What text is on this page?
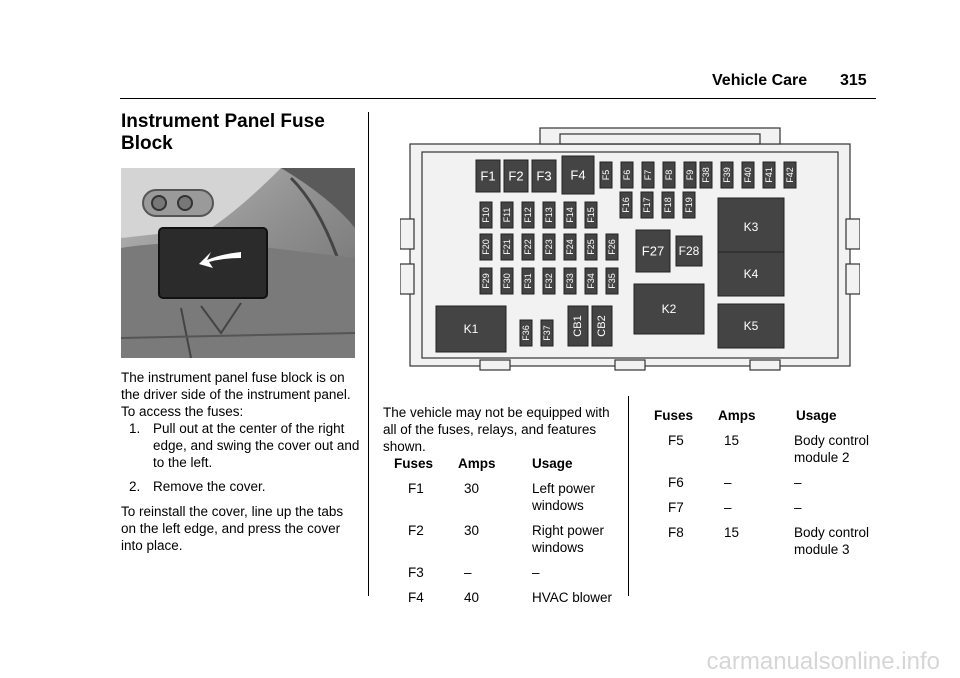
Vehicle Care 315
Instrument Panel Fuse Block

The instrument panel fuse block is on the driver side of the instrument panel. To access the fuses:

1. Pull out at the center of the right edge, and swing the cover out and to the left.
2. Remove the cover.

To reinstall the cover, line up the tabs on the left edge, and press the cover into place.

F1 F2 F3 F4 F5 F6 F7 F8 F9 F38 F39 F40 F41 F42
F10 F11 F12 F13 F14 F15
F16 F17 F18 F19
F20 F21 F22 F23 F24 F25 F26
F29 F30 F31 F32 F33 F34 F35
F36 F37
F27 F28
CB1 CB2
K1
K2
K3
K4
K5

The vehicle may not be equipped with all of the fuses, relays, and features shown.

Fuses	Amps	Usage
F1	30	Left power windows
F2	30	Right power windows
F3	–	–
F4	40	HVAC blower
Fuses	Amps	Usage
F5	15	Body control module 2
F6	–	–
F7	–	–
F8	15	Body control module 3
carmanualsonline.info
